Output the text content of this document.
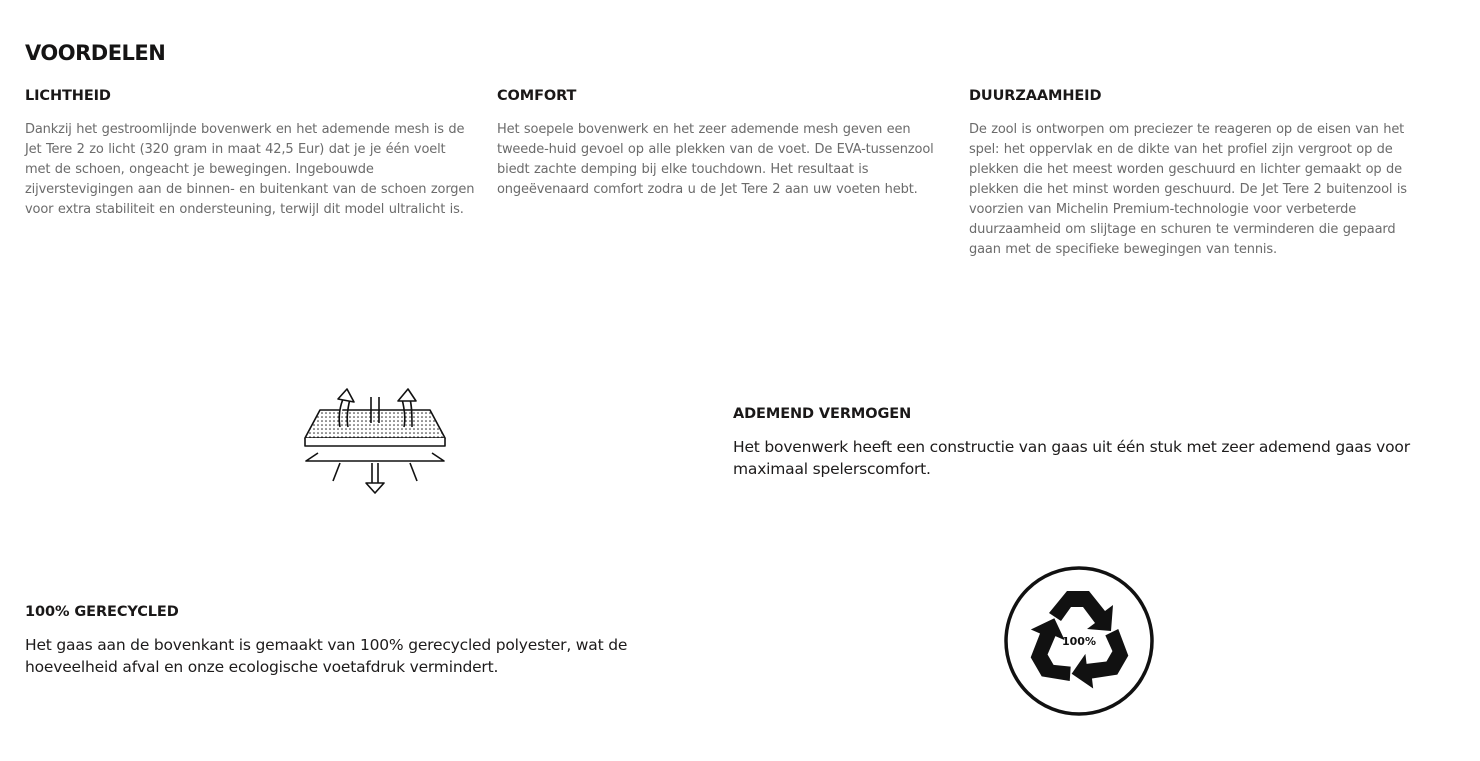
VOORDELEN
LICHTHEID

Dankzij het gestroomlijnde bovenwerk en het ademende mesh is de Jet Tere 2 zo licht (320 gram in maat 42,5 Eur) dat je je één voelt met de schoen, ongeacht je bewegingen. Ingebouwde zijverstevigingen aan de binnen- en buitenkant van de schoen zorgen voor extra stabiliteit en ondersteuning, terwijl dit model ultralicht is.

COMFORT

Het soepele bovenwerk en het zeer ademende mesh geven een tweede-huid gevoel op alle plekken van de voet. De EVA-tussenzool biedt zachte demping bij elke touchdown. Het resultaat is ongeëvenaard comfort zodra u de Jet Tere 2 aan uw voeten hebt.

DUURZAAMHEID

De zool is ontworpen om preciezer te reageren op de eisen van het spel: het oppervlak en de dikte van het profiel zijn vergroot op de plekken die het meest worden geschuurd en lichter gemaakt op de plekken die het minst worden geschuurd. De Jet Tere 2 buitenzool is voorzien van Michelin Premium-technologie voor verbeterde duurzaamheid om slijtage en schuren te verminderen die gepaard gaan met de specifieke bewegingen van tennis.

ADEMEND VERMOGEN

Het bovenwerk heeft een constructie van gaas uit één stuk met zeer ademend gaas voor maximaal spelerscomfort.

100% GERECYCLED

Het gaas aan de bovenkant is gemaakt van 100% gerecycled polyester, wat de hoeveelheid afval en onze ecologische voetafdruk vermindert.

100%
